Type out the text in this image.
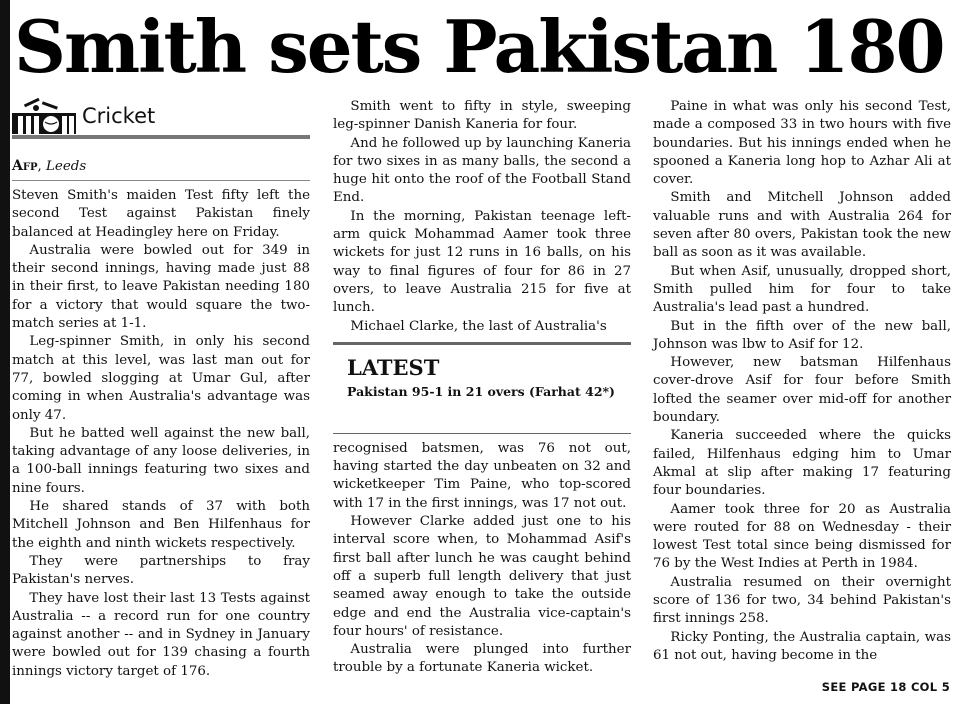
Smith sets Pakistan 180
Cricket
Afp, Leeds

Steven Smith's maiden Test fifty left the second Test against Pakistan finely balanced at Headingley here on Friday.

Australia were bowled out for 349 in their second innings, having made just 88 in their first, to leave Pakistan needing 180 for a victory that would square the two-match series at 1-1.

Leg-spinner Smith, in only his second match at this level, was last man out for 77, bowled slogging at Umar Gul, after coming in when Australia's advantage was only 47.

But he batted well against the new ball, taking advantage of any loose deliveries, in a 100-ball innings featuring two sixes and nine fours.

He shared stands of 37 with both Mitchell Johnson and Ben Hilfenhaus for the eighth and ninth wickets respectively.

They were partnerships to fray Pakistan's nerves.

They have lost their last 13 Tests against Australia -- a record run for one country against another -- and in Sydney in January were bowled out for 139 chasing a fourth innings victory target of 176.

Smith went to fifty in style, sweeping leg-spinner Danish Kaneria for four.

And he followed up by launching Kaneria for two sixes in as many balls, the second a huge hit onto the roof of the Football Stand End.

In the morning, Pakistan teenage left-arm quick Mohammad Aamer took three wickets for just 12 runs in 16 balls, on his way to final figures of four for 86 in 27 overs, to leave Australia 215 for five at lunch.

Michael Clarke, the last of Australia's

LATEST
Pakistan 95-1 in 21 overs (Farhat 42*)

recognised batsmen, was 76 not out, having started the day unbeaten on 32 and wicketkeeper Tim Paine, who top-scored with 17 in the first innings, was 17 not out.

However Clarke added just one to his interval score when, to Mohammad Asif's first ball after lunch he was caught behind off a superb full length delivery that just seamed away enough to take the outside edge and end the Australia vice-captain's four hours' of resistance.

Australia were plunged into further trouble by a fortunate Kaneria wicket.

Paine in what was only his second Test, made a composed 33 in two hours with five boundaries. But his innings ended when he spooned a Kaneria long hop to Azhar Ali at cover.

Smith and Mitchell Johnson added valuable runs and with Australia 264 for seven after 80 overs, Pakistan took the new ball as soon as it was available.

But when Asif, unusually, dropped short, Smith pulled him for four to take Australia's lead past a hundred.

But in the fifth over of the new ball, Johnson was lbw to Asif for 12.

However, new batsman Hilfenhaus cover-drove Asif for four before Smith lofted the seamer over mid-off for another boundary.

Kaneria succeeded where the quicks failed, Hilfenhaus edging him to Umar Akmal at slip after making 17 featuring four boundaries.

Aamer took three for 20 as Australia were routed for 88 on Wednesday - their lowest Test total since being dismissed for 76 by the West Indies at Perth in 1984.

Australia resumed on their overnight score of 136 for two, 34 behind Pakistan's first innings 258.

Ricky Ponting, the Australia captain, was 61 not out, having become in the

SEE PAGE 18 COL 5
